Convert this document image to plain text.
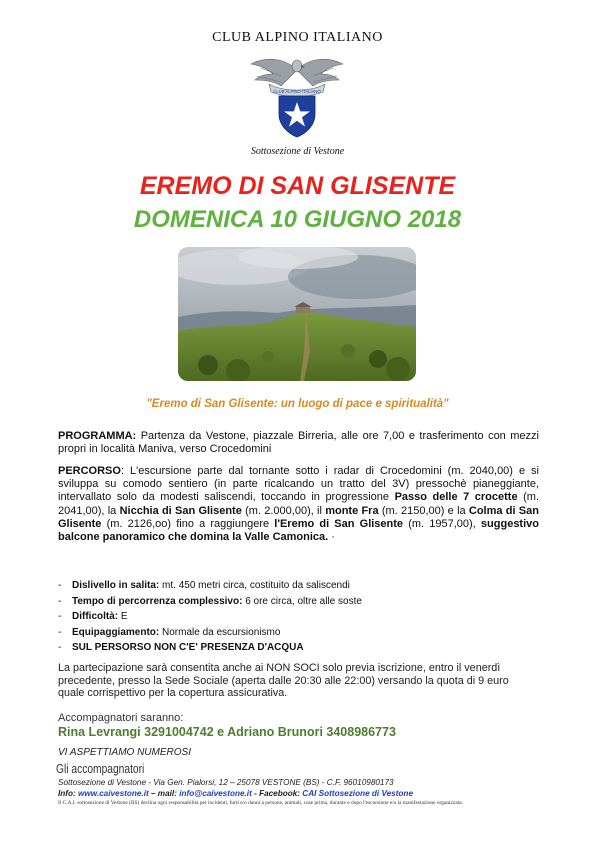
CLUB ALPINO ITALIANO
CLUB ALPINO ITALIANO
Sottosezione di Vestone
EREMO DI SAN GLISENTE
DOMENICA 10 GIUGNO 2018
"Eremo di San Glisente: un luogo di pace e spiritualità"
PROGRAMMA: Partenza da Vestone, piazzale Birreria, alle ore 7,00 e trasferimento con mezzi propri in località Maniva, verso Crocedomini
PERCORSO: L'escursione parte dal tornante sotto i radar di Crocedomini (m. 2040,00) e si sviluppa su comodo sentiero (in parte ricalcando un tratto del 3V) pressochè pianeggiante, intervallato solo da modesti saliscendi, toccando in progressione Passo delle 7 crocette (m. 2041,00), la Nicchia di San Glisente (m. 2.000,00), il monte Fra (m. 2150,00) e la Colma di San Glisente (m. 2126,oo) fino a raggiungere l'Eremo di San Glisente (m. 1957,00), suggestivo balcone panoramico che domina la Valle Camonica. ·
- Dislivello in salita: mt. 450 metri circa, costituito da saliscendi
- Tempo di percorrenza complessivo: 6 ore circa, oltre alle soste
- Difficoltà: E
- Equipaggiamento: Normale da escursionismo
- SUL PERSORSO NON C'E' PRESENZA D'ACQUA
La partecipazione sarà consentita anche ai NON SOCI solo previa iscrizione, entro il venerdì precedente, presso la Sede Sociale (aperta dalle 20:30 alle 22:00) versando la quota di 9 euro quale corrispettivo per la copertura assicurativa.
Accompagnatori saranno:
Rina Levrangi 3291004742 e Adriano Brunori 3408986773
VI ASPETTIAMO NUMEROSI
Gli accompagnatori
Sottosezione di Vestone - Via Gen. Pialorsi, 12 – 25078 VESTONE (BS) - C.F. 96010980173
Info: www.caivestone.it – mail: info@caivestone.it - Facebook: CAI Sottosezione di Vestone
Il C.A.I. sottosezione di Vestone (BS) declina ogni responsabilità per incidenti, furti e/o danni a persone, animali, cose prima, durante e dopo l'escursione e/o la manifestazione organizzata.
